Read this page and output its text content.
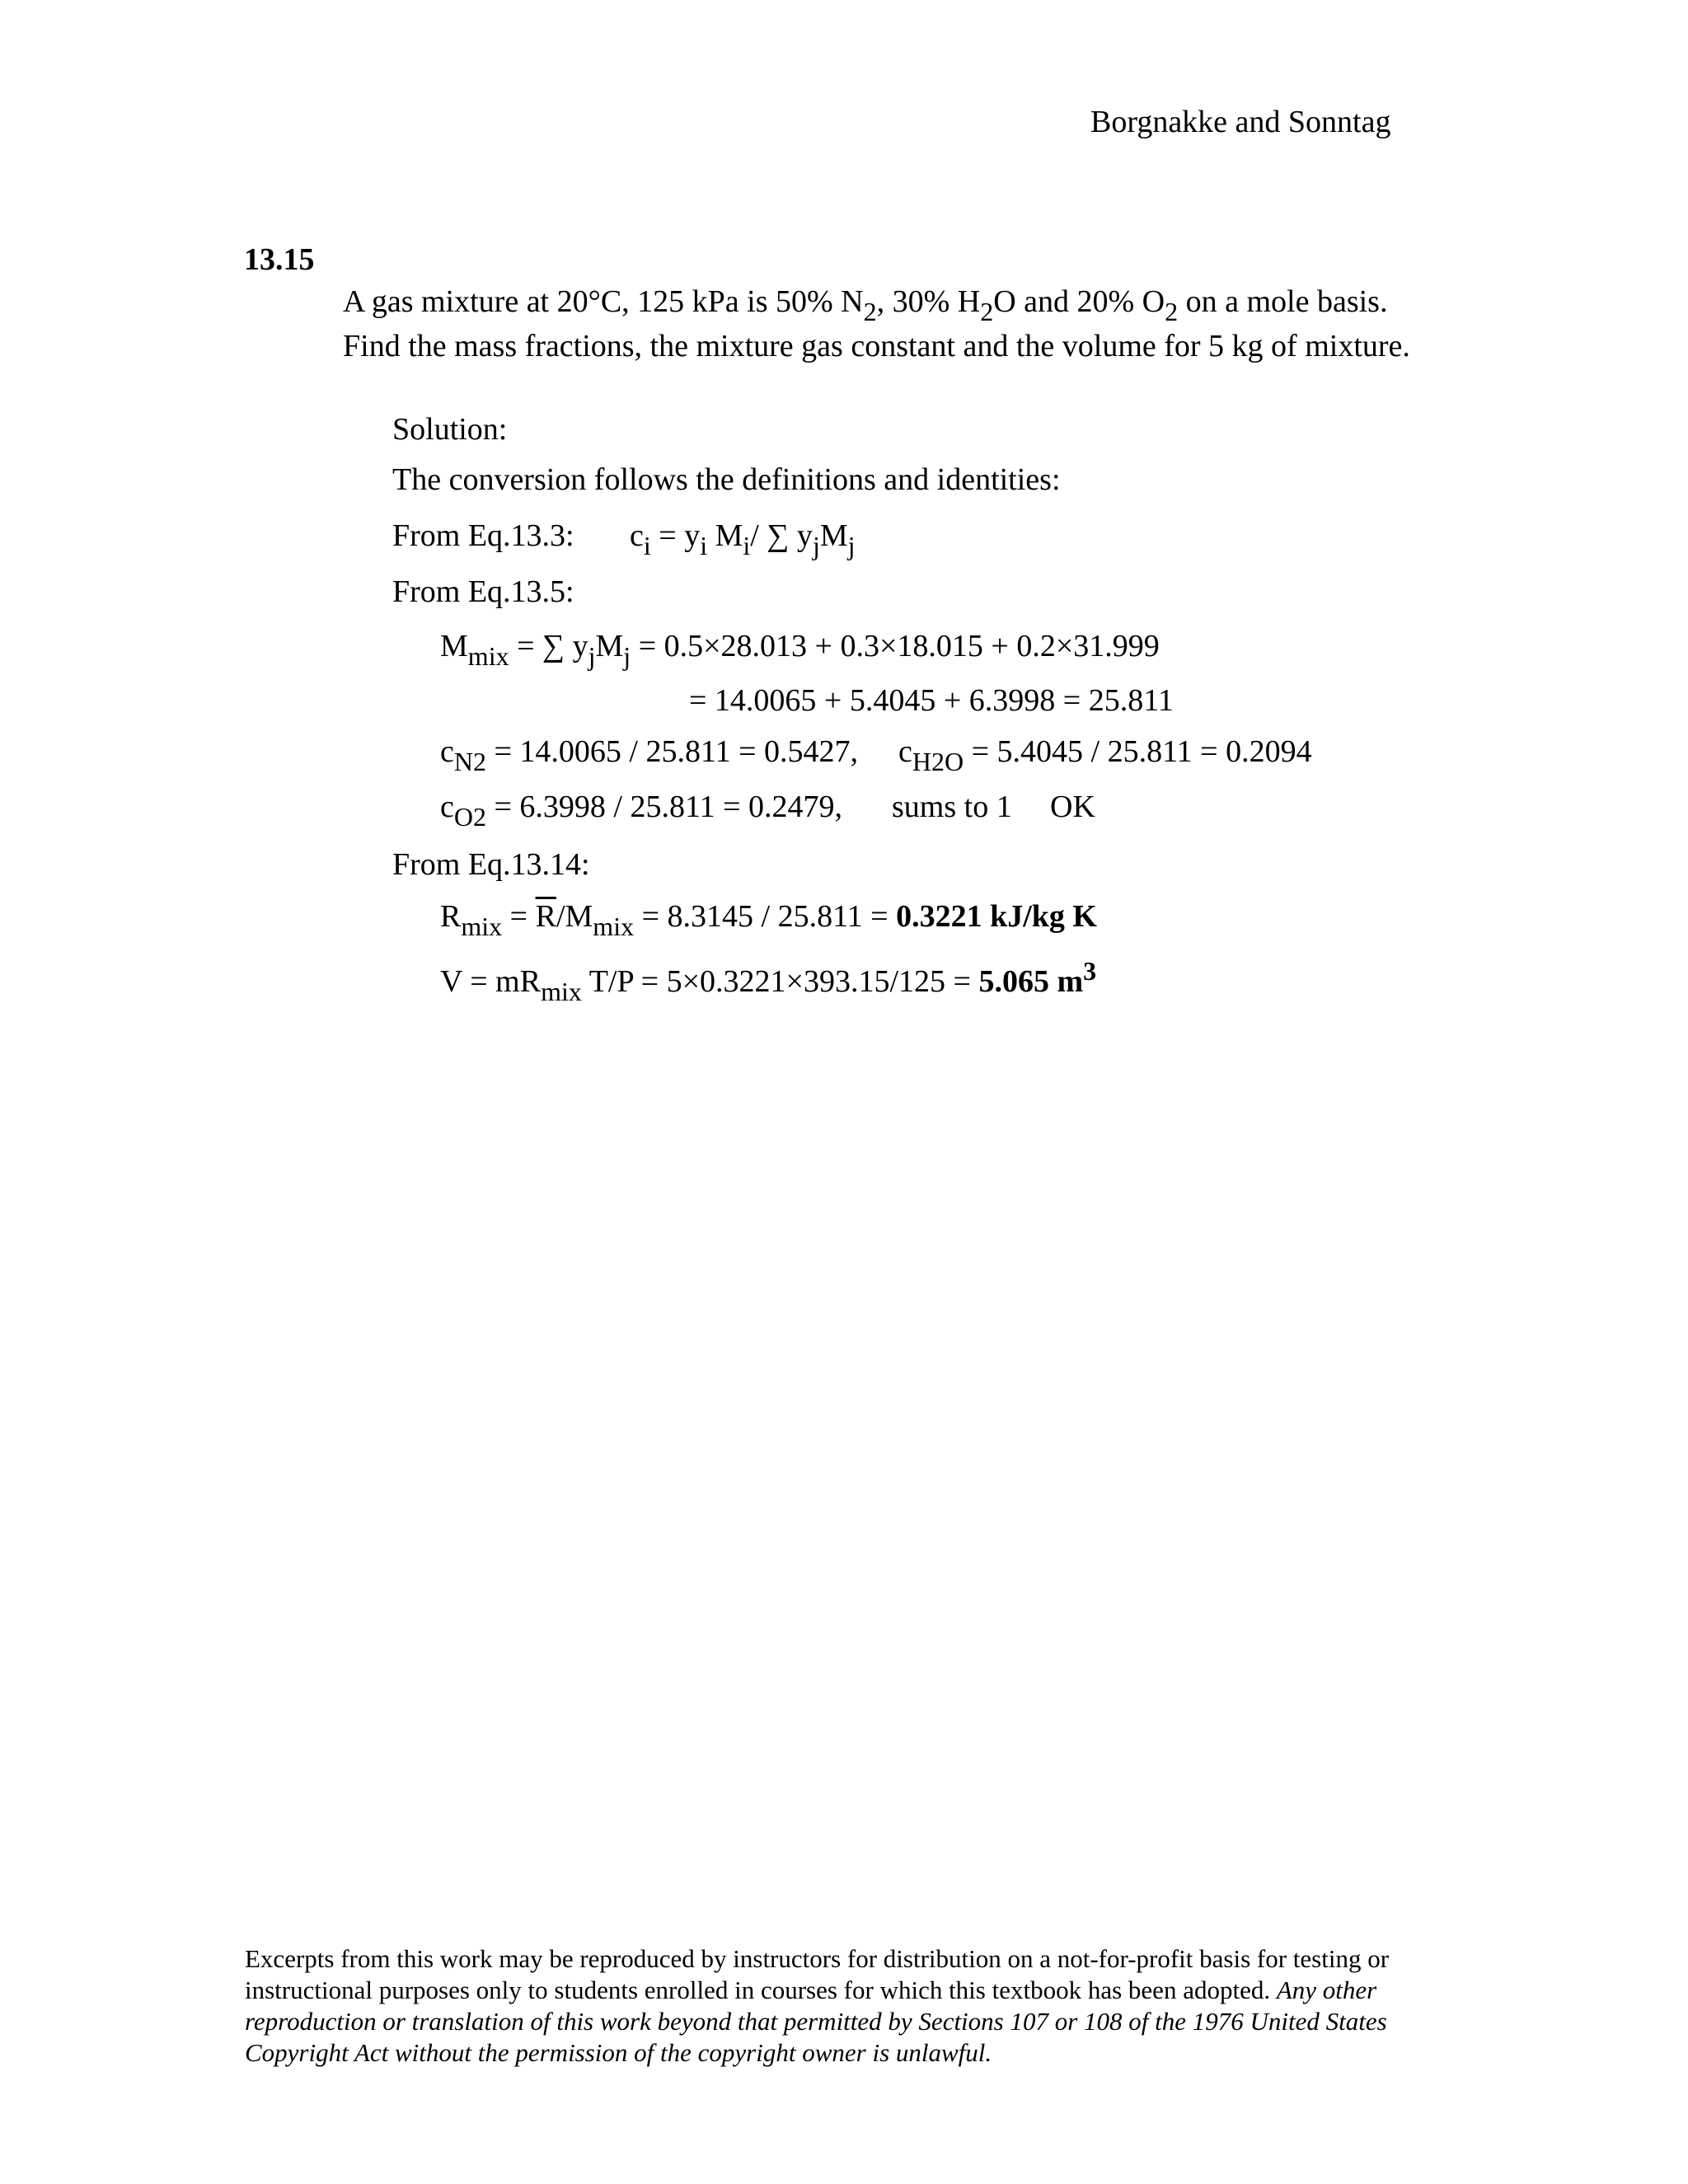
Borgnakke and Sonntag
13.15
A gas mixture at 20°C, 125 kPa is 50% $N_2$, 30% $H_2O$ and 20% $O_2$ on a mole basis. Find the mass fractions, the mixture gas constant and the volume for 5 kg of mixture.
Solution:
The conversion follows the definitions and identities:
From Eq.13.3: $c_i = y_i$ $M_i/$ ∑ $y_jM_j$
From Eq.13.5:
$M_{mix}$ = ∑ $y_jM_j = 0.5\times 28.013 + 0.3\times 18.015 + 0.2\times 31.999$
= 14.0065 + 5.4045 + 6.3998 = 25.811
$c_{N2} = 14.0065 / 25.811 = 0.5427$, $c_{H2O} = 5.4045 / 25.811 = 0.2094$
$c_{O2} = 6.3998 / 25.811 = 0.2479$, sums to 1 OK
From Eq.13.14:
$R_{mix} = \overline{R}/M_{mix} = 8.3145 / 25.811 = 0.3221$ kJ/kg K
$V = mR_{mix}$ T/P = 5×0.3221×393.15/125 = 5.065 $m^3$
Excerpts from this work may be reproduced by instructors for distribution on a not-for-profit basis for testing or instructional purposes only to students enrolled in courses for which this textbook has been adopted. Any other reproduction or translation of this work beyond that permitted by Sections 107 or 108 of the 1976 United States Copyright Act without the permission of the copyright owner is unlawful.
